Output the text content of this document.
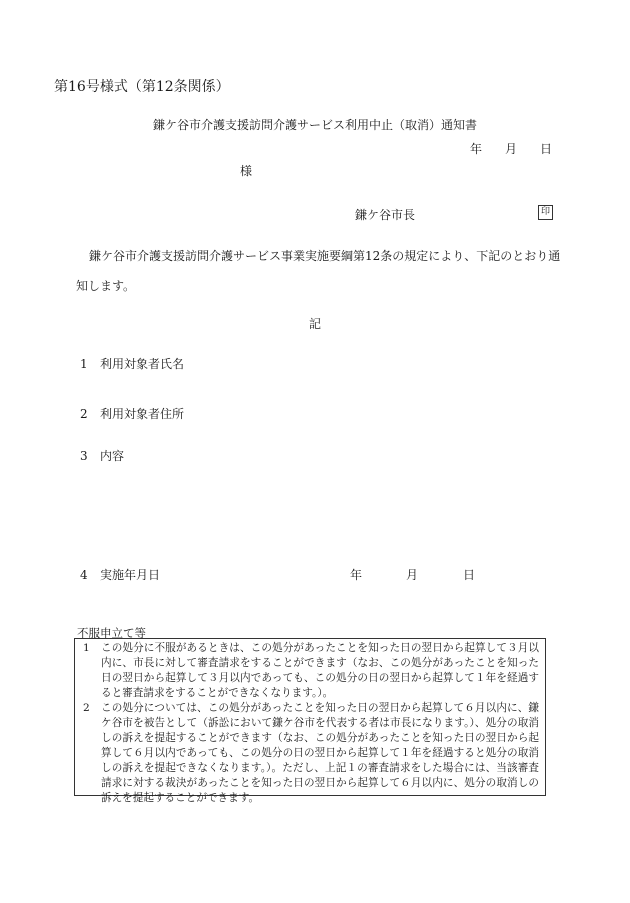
第16号様式（第12条関係）
鎌ケ谷市介護支援訪問介護サービス利用中止（取消）通知書
年 月 日
様
鎌ケ谷市長	印
鎌ケ谷市介護支援訪問介護サービス事業実施要綱第12条の規定により、下記のとおり通知します。
記
1 利用対象者氏名
2 利用対象者住所
3 内容
4 実施年月日	年	月	日
不服申立て等
1	この処分に不服があるときは、この処分があったことを知った日の翌日から起算して３月以内に、市長に対して審査請求をすることができます（なお、この処分があったことを知った日の翌日から起算して３月以内であっても、この処分の日の翌日から起算して１年を経過すると審査請求をすることができなくなります。）。
2	この処分については、この処分があったことを知った日の翌日から起算して６月以内に、鎌ケ谷市を被告として（訴訟において鎌ケ谷市を代表する者は市長になります。）、処分の取消しの訴えを提起することができます（なお、この処分があったことを知った日の翌日から起算して６月以内であっても、この処分の日の翌日から起算して１年を経過すると処分の取消しの訴えを提起できなくなります。）。ただし、上記１の審査請求をした場合には、当該審査請求に対する裁決があったことを知った日の翌日から起算して６月以内に、処分の取消しの訴えを提起することができます。
